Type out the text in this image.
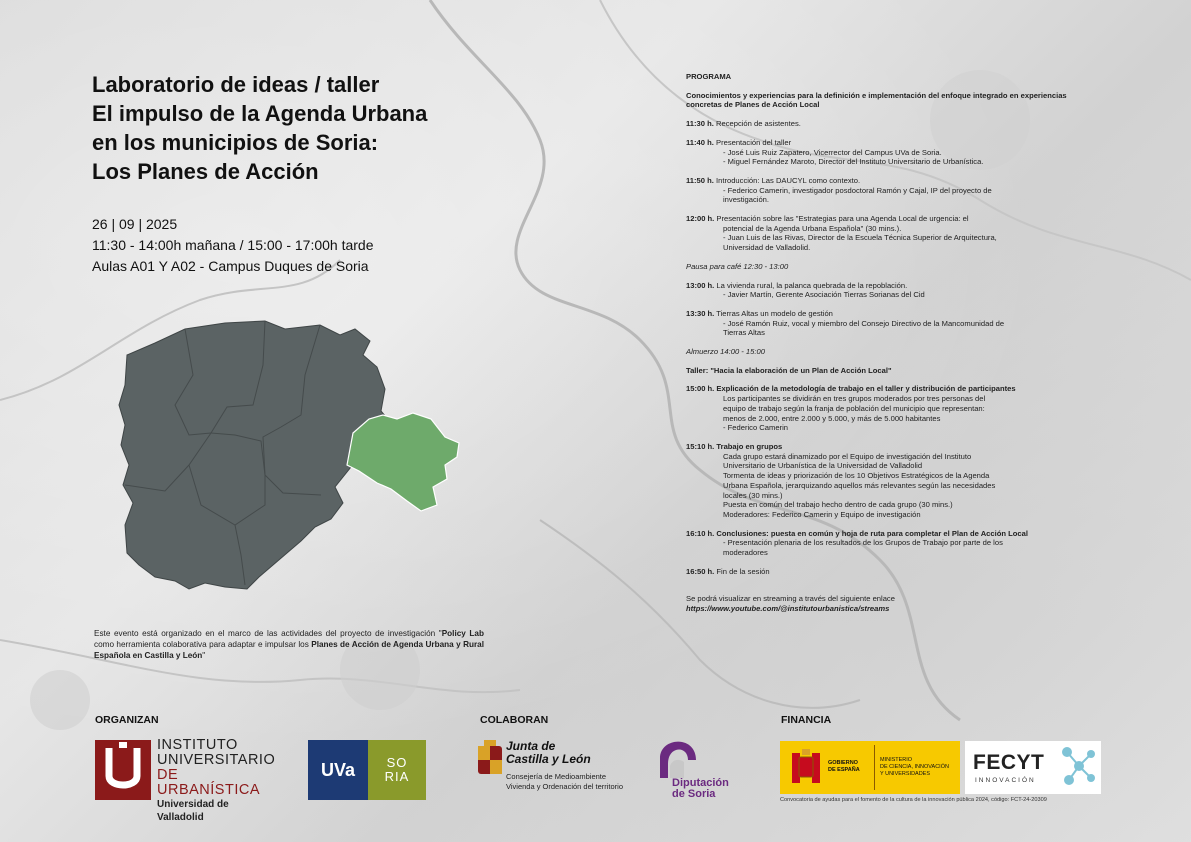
Laboratorio de ideas / taller
El impulso de la Agenda Urbana
en los municipios de Soria:
Los Planes de Acción
26 | 09 | 2025
11:30 - 14:00h mañana / 15:00 - 17:00h tarde
Aulas A01 Y A02 - Campus Duques de Soria
Este evento está organizado en el marco de las actividades del proyecto de investigación "Policy Lab como herramienta colaborativa para adaptar e impulsar los Planes de Acción de Agenda Urbana y Rural Española en Castilla y León"
PROGRAMA
Conocimientos y experiencias para la definición e implementación del enfoque integrado en experiencias concretas de Planes de Acción Local
11:30 h. Recepción de asistentes.
11:40 h. Presentación del taller
- José Luis Ruiz Zapatero, Vicerrector del Campus UVa de Soria.
- Miguel Fernández Maroto, Director del Instituto Universitario de Urbanística.
11:50 h. Introducción: Las DAUCYL como contexto.
- Federico Camerin, investigador posdoctoral Ramón y Cajal, IP del proyecto de
investigación.
12:00 h. Presentación sobre las "Estrategias para una Agenda Local de urgencia: el
potencial de la Agenda Urbana Española" (30 mins.).
- Juan Luis de las Rivas, Director de la Escuela Técnica Superior de Arquitectura,
Universidad de Valladolid.
Pausa para café 12:30 - 13:00
13:00 h. La vivienda rural, la palanca quebrada de la repoblación.
- Javier Martín, Gerente Asociación Tierras Sorianas del Cid
13:30 h. Tierras Altas un modelo de gestión
- José Ramón Ruiz, vocal y miembro del Consejo Directivo de la Mancomunidad de
Tierras Altas
Almuerzo 14:00 - 15:00
Taller: "Hacia la elaboración de un Plan de Acción Local"
15:00 h. Explicación de la metodología de trabajo en el taller y distribución de participantes
Los participantes se dividirán en tres grupos moderados por tres personas del
equipo de trabajo según la franja de población del municipio que representan:
menos de 2.000, entre 2.000 y 5.000, y más de 5.000 habitantes
- Federico Camerin
15:10 h. Trabajo en grupos
Cada grupo estará dinamizado por el Equipo de investigación del Instituto
Universitario de Urbanística de la Universidad de Valladolid
Tormenta de ideas y priorización de los 10 Objetivos Estratégicos de la Agenda
Urbana Española, jerarquizando aquellos más relevantes según las necesidades
locales (30 mins.)
Puesta en común del trabajo hecho dentro de cada grupo (30 mins.)
Moderadores: Federico Camerin y Equipo de investigación
16:10 h. Conclusiones: puesta en común y hoja de ruta para completar el Plan de Acción Local
- Presentación plenaria de los resultados de los Grupos de Trabajo por parte de los
moderadores
16:50 h. Fin de la sesión
Se podrá visualizar en streaming a través del siguiente enlace
https://www.youtube.com/@institutourbanistica/streams
ORGANIZAN	COLABORAN	FINANCIA
INSTITUTO
UNIVERSITARIO
DE URBANÍSTICA
Universidad de Valladolid
UVa	SO
RIA
Junta de
Castilla y León
Consejería de Medioambiente
Vivienda y Ordenación del territorio	Diputación
de Soria
GOBIERNO
DE ESPAÑA
MINISTERIO
DE CIENCIA, INNOVACIÓN
Y UNIVERSIDADES	FECYT
INNOVACIÓN
Convocatoria de ayudas para el fomento de la cultura de la innovación pública 2024, código: FCT-24-20309
